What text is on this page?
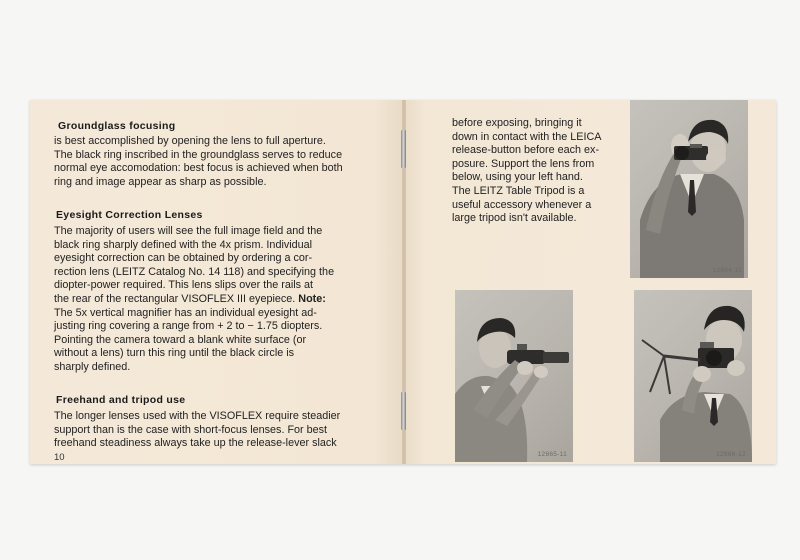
Groundglass focusing
is best accomplished by opening the lens to full aperture.
The black ring inscribed in the groundglass serves to reduce
normal eye accomodation: best focus is achieved when both
ring and image appear as sharp as possible.
Eyesight Correction Lenses
The majority of users will see the full image field and the
black ring sharply defined with the 4x prism. Individual
eyesight correction can be obtained by ordering a cor-
rection lens (LEITZ Catalog No. 14 118) and specifying the
diopter-power required. This lens slips over the rails at
the rear of the rectangular VISOFLEX III eyepiece. Note:
The 5x vertical magnifier has an individual eyesight ad-
justing ring covering a range from + 2 to − 1.75 diopters.
Pointing the camera toward a blank white surface (or
without a lens) turn this ring until the black circle is
sharply defined.
Freehand and tripod use
The longer lenses used with the VISOFLEX require steadier
support than is the case with short-focus lenses. For best
freehand steadiness always take up the release-lever slack
10
before exposing, bringing it
down in contact with the LEICA
release-button before each ex-
posure. Support the lens from
below, using your left hand.
The LEITZ Table Tripod is a
useful accessory whenever a
large tripod isn't available.
12864-11
12865-11	12866-12
